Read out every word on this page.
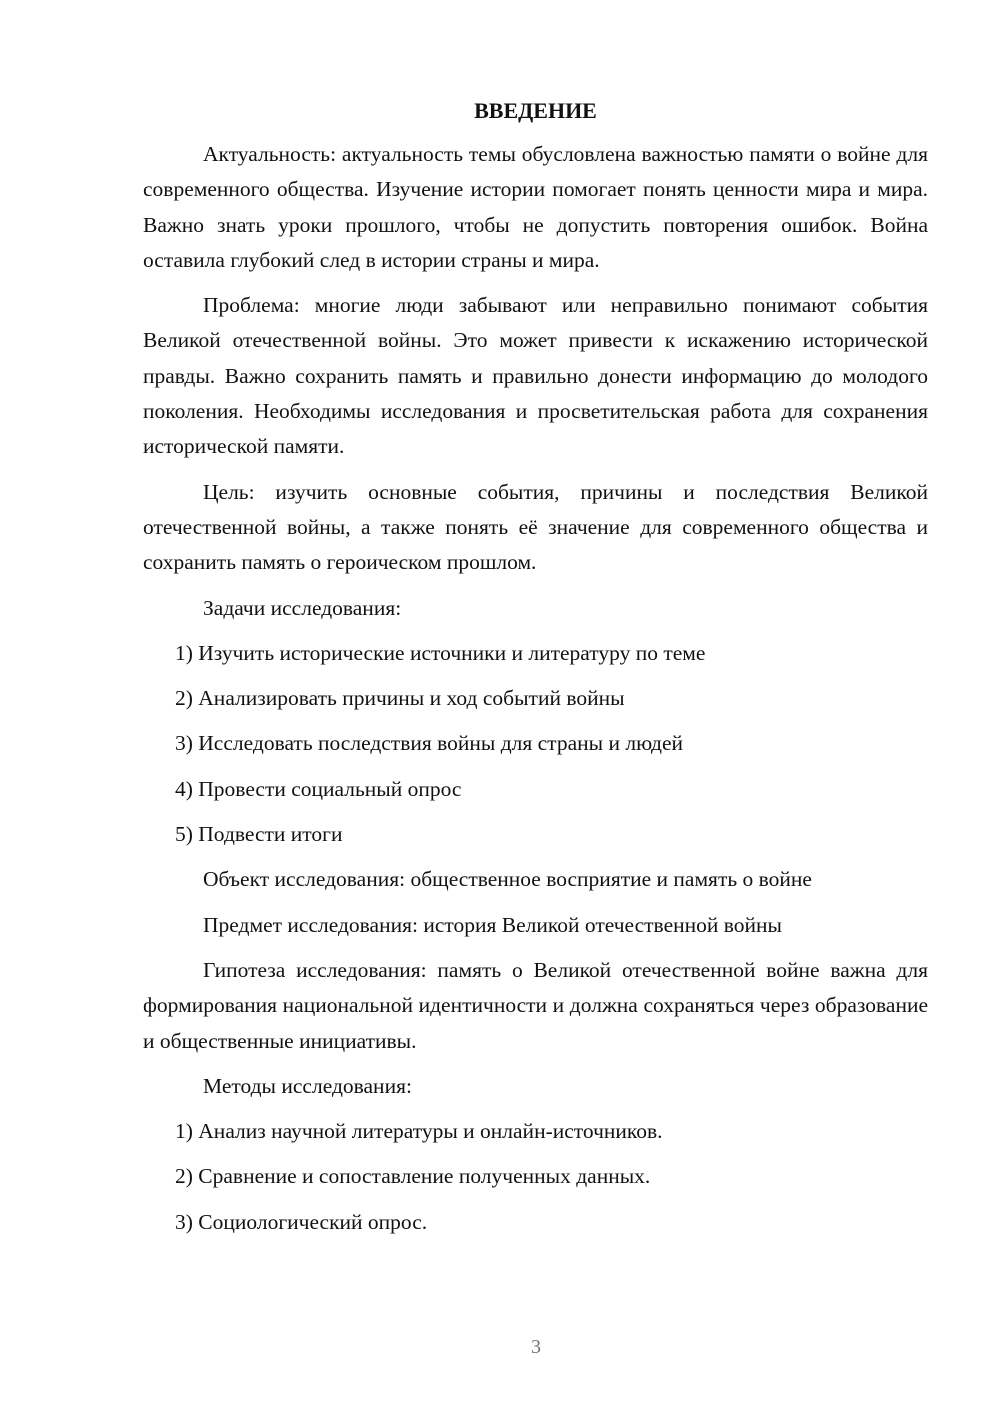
ВВЕДЕНИЕ

Актуальность: актуальность темы обусловлена важностью памяти о войне для современного общества. Изучение истории помогает понять ценности мира и мира. Важно знать уроки прошлого, чтобы не допустить повторения ошибок. Война оставила глубокий след в истории страны и мира.

Проблема: многие люди забывают или неправильно понимают события Великой отечественной войны. Это может привести к искажению исторической правды. Важно сохранить память и правильно донести информацию до молодого поколения. Необходимы исследования и просветительская работа для сохранения исторической памяти.

Цель: изучить основные события, причины и последствия Великой отечественной войны, а также понять её значение для современного общества и сохранить память о героическом прошлом.

Задачи исследования:
1) Изучить исторические источники и литературу по теме
2) Анализировать причины и ход событий войны
3) Исследовать последствия войны для страны и людей
4) Провести социальный опрос
5) Подвести итоги
Объект исследования: общественное восприятие и память о войне
Предмет исследования: история Великой отечественной войны

Гипотеза исследования: память о Великой отечественной войне важна для формирования национальной идентичности и должна сохраняться через образование и общественные инициативы.

Методы исследования:
1) Анализ научной литературы и онлайн-источников.
2) Сравнение и сопоставление полученных данных.
3) Социологический опрос.
3
